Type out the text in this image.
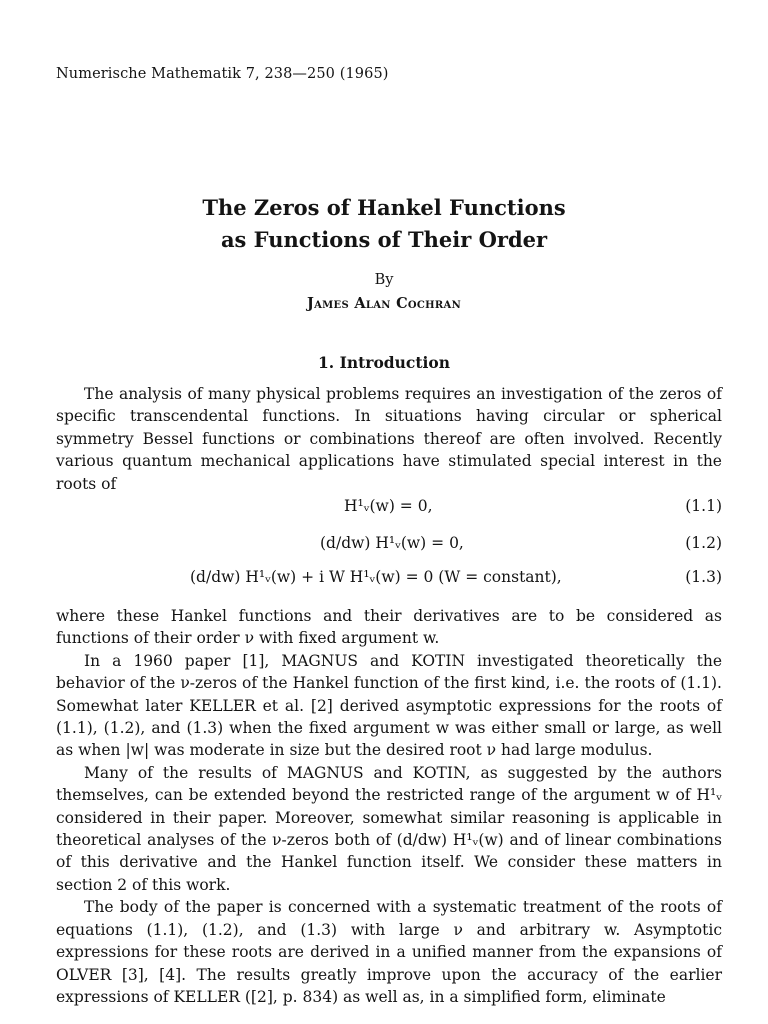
Numerische Mathematik 7, 238—250 (1965)
The Zeros of Hankel Functions
as Functions of Their Order
By
James Alan Cochran
1. Introduction

The analysis of many physical problems requires an investigation of the zeros of specific transcendental functions. In situations having circular or spherical symmetry Bessel functions or combinations thereof are often involved. Recently various quantum mechanical applications have stimulated special interest in the roots of

H¹ᵥ(w) = 0,	(1.1)
(d/dw) H¹ᵥ(w) = 0,	(1.2)
(d/dw) H¹ᵥ(w) + i W H¹ᵥ(w) = 0 (W = constant),	(1.3)

where these Hankel functions and their derivatives are to be considered as functions of their order ν with fixed argument w.

In a 1960 paper [1], MAGNUS and KOTIN investigated theoretically the behavior of the ν-zeros of the Hankel function of the first kind, i.e. the roots of (1.1). Somewhat later KELLER et al. [2] derived asymptotic expressions for the roots of (1.1), (1.2), and (1.3) when the fixed argument w was either small or large, as well as when |w| was moderate in size but the desired root ν had large modulus.

Many of the results of MAGNUS and KOTIN, as suggested by the authors themselves, can be extended beyond the restricted range of the argument w of H¹ᵥ considered in their paper. Moreover, somewhat similar reasoning is applicable in theoretical analyses of the ν-zeros both of (d/dw) H¹ᵥ(w) and of linear combinations of this derivative and the Hankel function itself. We consider these matters in section 2 of this work.

The body of the paper is concerned with a systematic treatment of the roots of equations (1.1), (1.2), and (1.3) with large ν and arbitrary w. Asymptotic expressions for these roots are derived in a unified manner from the expansions of OLVER [3], [4]. The results greatly improve upon the accuracy of the earlier expressions of KELLER ([2], p. 834) as well as, in a simplified form, eliminate
